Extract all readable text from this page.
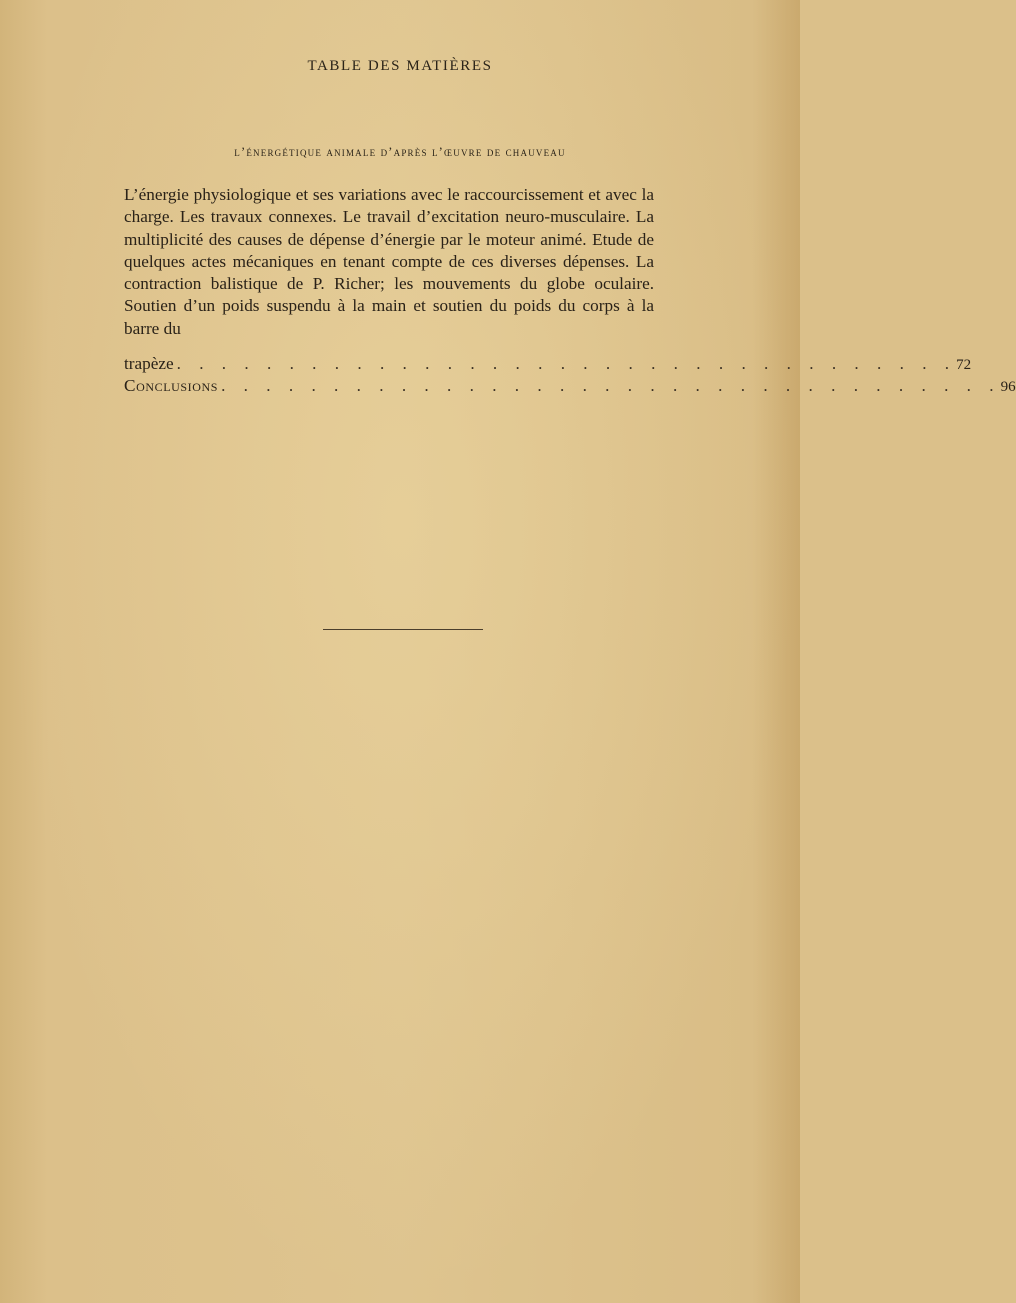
TABLE DES MATIÈRES
l’énergétique animale d’après l’œuvre de chauveau
L’énergie physiologique et ses variations avec le raccourcissement et avec la charge. Les travaux connexes. Le travail d’excitation neuro-musculaire. La multiplicité des causes de dépense d’énergie par le moteur animé. Etude de quelques actes mécaniques en tenant compte de ces diverses dépenses. La contraction balistique de P. Richer; les mouvements du globe oculaire. Soutien d’un poids suspendu à la main et soutien du poids du corps à la barre du
trapèze . . . . . . . . . . . . . . . . . . . . . . . . . . . . . . . . . . . 72
Conclusions . . . . . . . . . . . . . . . . . . . . . . . . . . . . . . . . . . . 96
